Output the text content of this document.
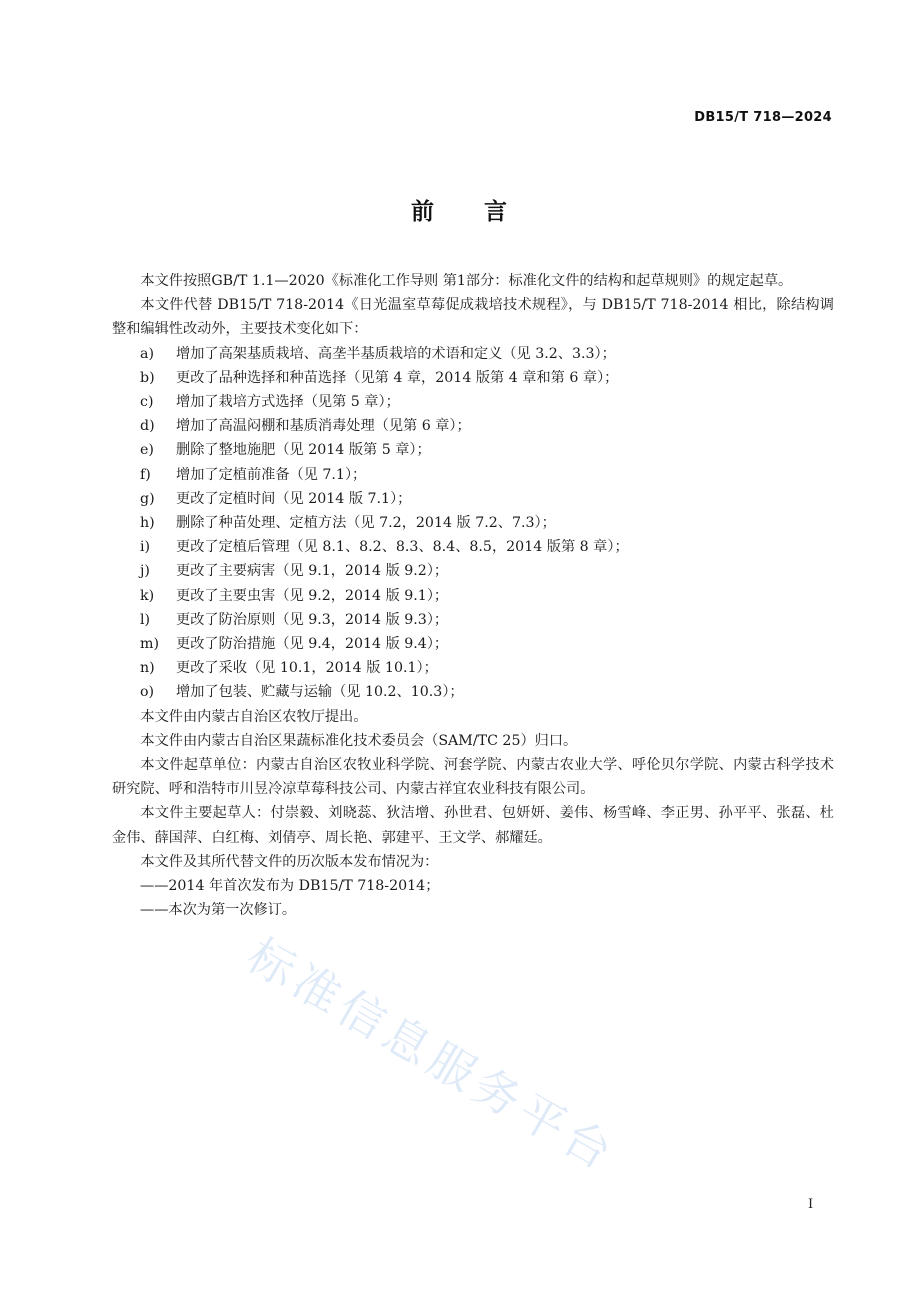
DB15/T 718—2024
前 言

本文件按照GB/T 1.1—2020《标准化工作导则 第1部分：标准化文件的结构和起草规则》的规定起草。

本文件代替 DB15/T 718-2014《日光温室草莓促成栽培技术规程》，与 DB15/T 718-2014 相比，除结构调整和编辑性改动外，主要技术变化如下：

a) 增加了高架基质栽培、高垄半基质栽培的术语和定义（见 3.2、3.3）；

b) 更改了品种选择和种苗选择（见第 4 章，2014 版第 4 章和第 6 章）；

c) 增加了栽培方式选择（见第 5 章）；

d) 增加了高温闷棚和基质消毒处理（见第 6 章）；

e) 删除了整地施肥（见 2014 版第 5 章）；

f) 增加了定植前准备（见 7.1）；

g) 更改了定植时间（见 2014 版 7.1）；

h) 删除了种苗处理、定植方法（见 7.2，2014 版 7.2、7.3）；

i) 更改了定植后管理（见 8.1、8.2、8.3、8.4、8.5，2014 版第 8 章）；

j) 更改了主要病害（见 9.1，2014 版 9.2）；

k) 更改了主要虫害（见 9.2，2014 版 9.1）；

l) 更改了防治原则（见 9.3，2014 版 9.3）；

m) 更改了防治措施（见 9.4，2014 版 9.4）；

n) 更改了采收（见 10.1，2014 版 10.1）；

o) 增加了包装、贮藏与运输（见 10.2、10.3）；

本文件由内蒙古自治区农牧厅提出。

本文件由内蒙古自治区果蔬标准化技术委员会（SAM/TC 25）归口。

本文件起草单位：内蒙古自治区农牧业科学院、河套学院、内蒙古农业大学、呼伦贝尔学院、内蒙古科学技术研究院、呼和浩特市川昱冷凉草莓科技公司、内蒙古祥宜农业科技有限公司。

本文件主要起草人：付崇毅、刘晓蕊、狄洁增、孙世君、包妍妍、姜伟、杨雪峰、李正男、孙平平、张磊、杜金伟、薛国萍、白红梅、刘倩亭、周长艳、郭建平、王文学、郝耀廷。

本文件及其所代替文件的历次版本发布情况为：

——2014 年首次发布为 DB15/T 718-2014；

——本次为第一次修订。

标准信息服务平台
I
